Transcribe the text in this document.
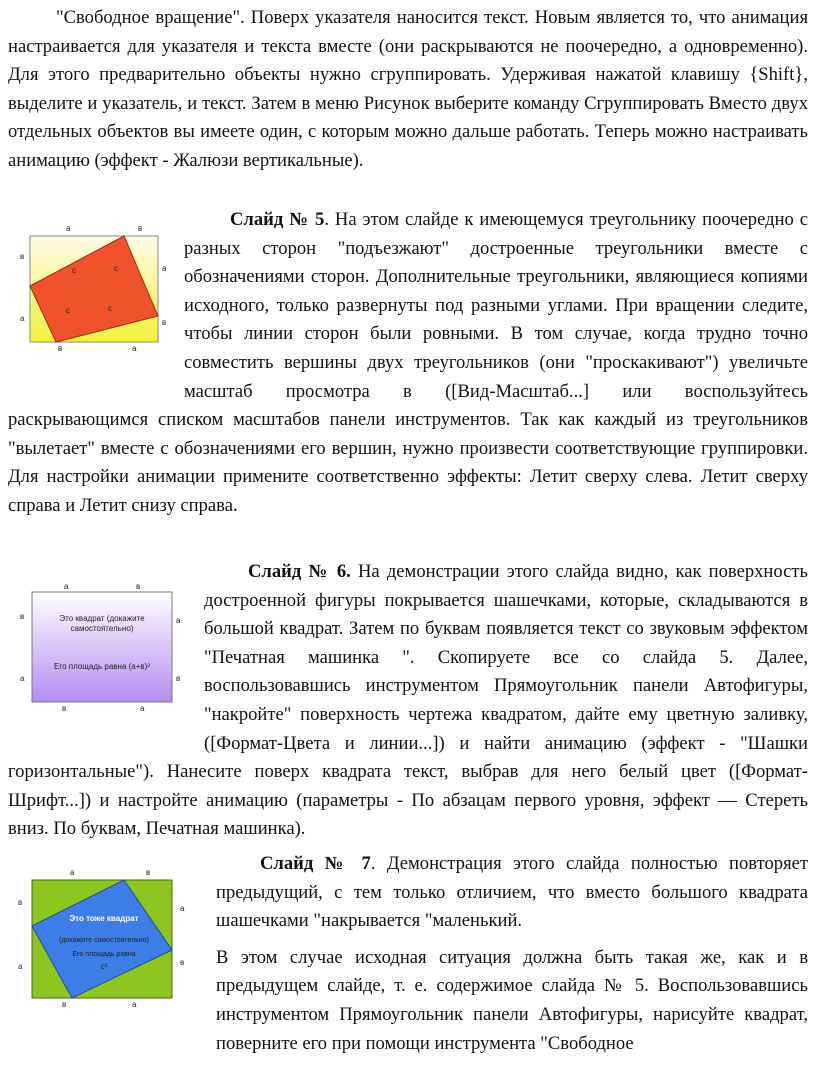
"Свободное вращение". Поверх указателя наносится текст. Новым является то, что анимация настраивается для указателя и текста вместе (они раскрываются не поочередно, а одновременно). Для этого предварительно объекты нужно сгруппировать. Удерживая нажатой клавишу {Shift}, выделите и указатель, и текст. Затем в меню Рисунок выберите команду Сгруппировать Вместо двух отдельных объектов вы имеете один, с которым можно дальше работать. Теперь можно настраивать анимацию (эффект - Жалюзи вертикальные).

а	в
в
а
а	в
в	а
с	с
с	с

Слайд № 5. На этом слайде к имеющемуся треугольнику поочередно с разных сторон "подъезжают" достроенные треугольники вместе с обозначениями сторон. Дополнительные треугольники, являющиеся копиями исходного, только развернуты под разными углами. При вращении следите, чтобы линии сторон были ровными. В том случае, когда трудно точно совместить вершины двух треугольников (они "проскакивают") увеличьте масштаб просмотра в ([Вид-Масштаб...] или воспользуйтесь раскрывающимся списком масштабов панели инструментов. Так как каждый из треугольников "вылетает" вместе с обозначениями его вершин, нужно произвести соответствующие группировки. Для настройки анимации примените соответственно эффекты: Летит сверху слева. Летит сверху справа и Летит снизу справа.

а	в
в	а
а	в
в	а
Это квадрат (докажите самостоятельно)
Его площадь равна (а+в)²

Слайд № 6. На демонстрации этого слайда видно, как поверхность достроенной фигуры покрывается шашечками, которые, складываются в большой квадрат. Затем по буквам появляется текст со звуковым эффектом "Печатная машинка ". Скопируете все со слайда 5. Далее, воспользовавшись инструментом Прямоугольник панели Автофигуры, "накройте" поверхность чертежа квадратом, дайте ему цветную заливку, ([Формат-Цвета и линии...]) и найти анимацию (эффект - "Шашки горизонтальные"). Нанесите поверх квадрата текст, выбрав для него белый цвет ([Формат-Шрифт...]) и настройте анимацию (параметры - По абзацам первого уровня, эффект — Стереть вниз. По буквам, Печатная машинка).

а	в
в
а
а	в
в	а
Это тоже квадрат
(докажите самостоятельно)
Его площадь равна
с²

Слайд № 7. Демонстрация этого слайда полностью повторяет предыдущий, с тем только отличием, что вместо большого квадрата шашечками "накрывается "маленький.

В этом случае исходная ситуация должна быть такая же, как и в предыдущем слайде, т. е. содержимое слайда № 5. Воспользовавшись инструментом Прямоугольник панели Автофигуры, нарисуйте квадрат, поверните его при помощи инструмента "Свободное
